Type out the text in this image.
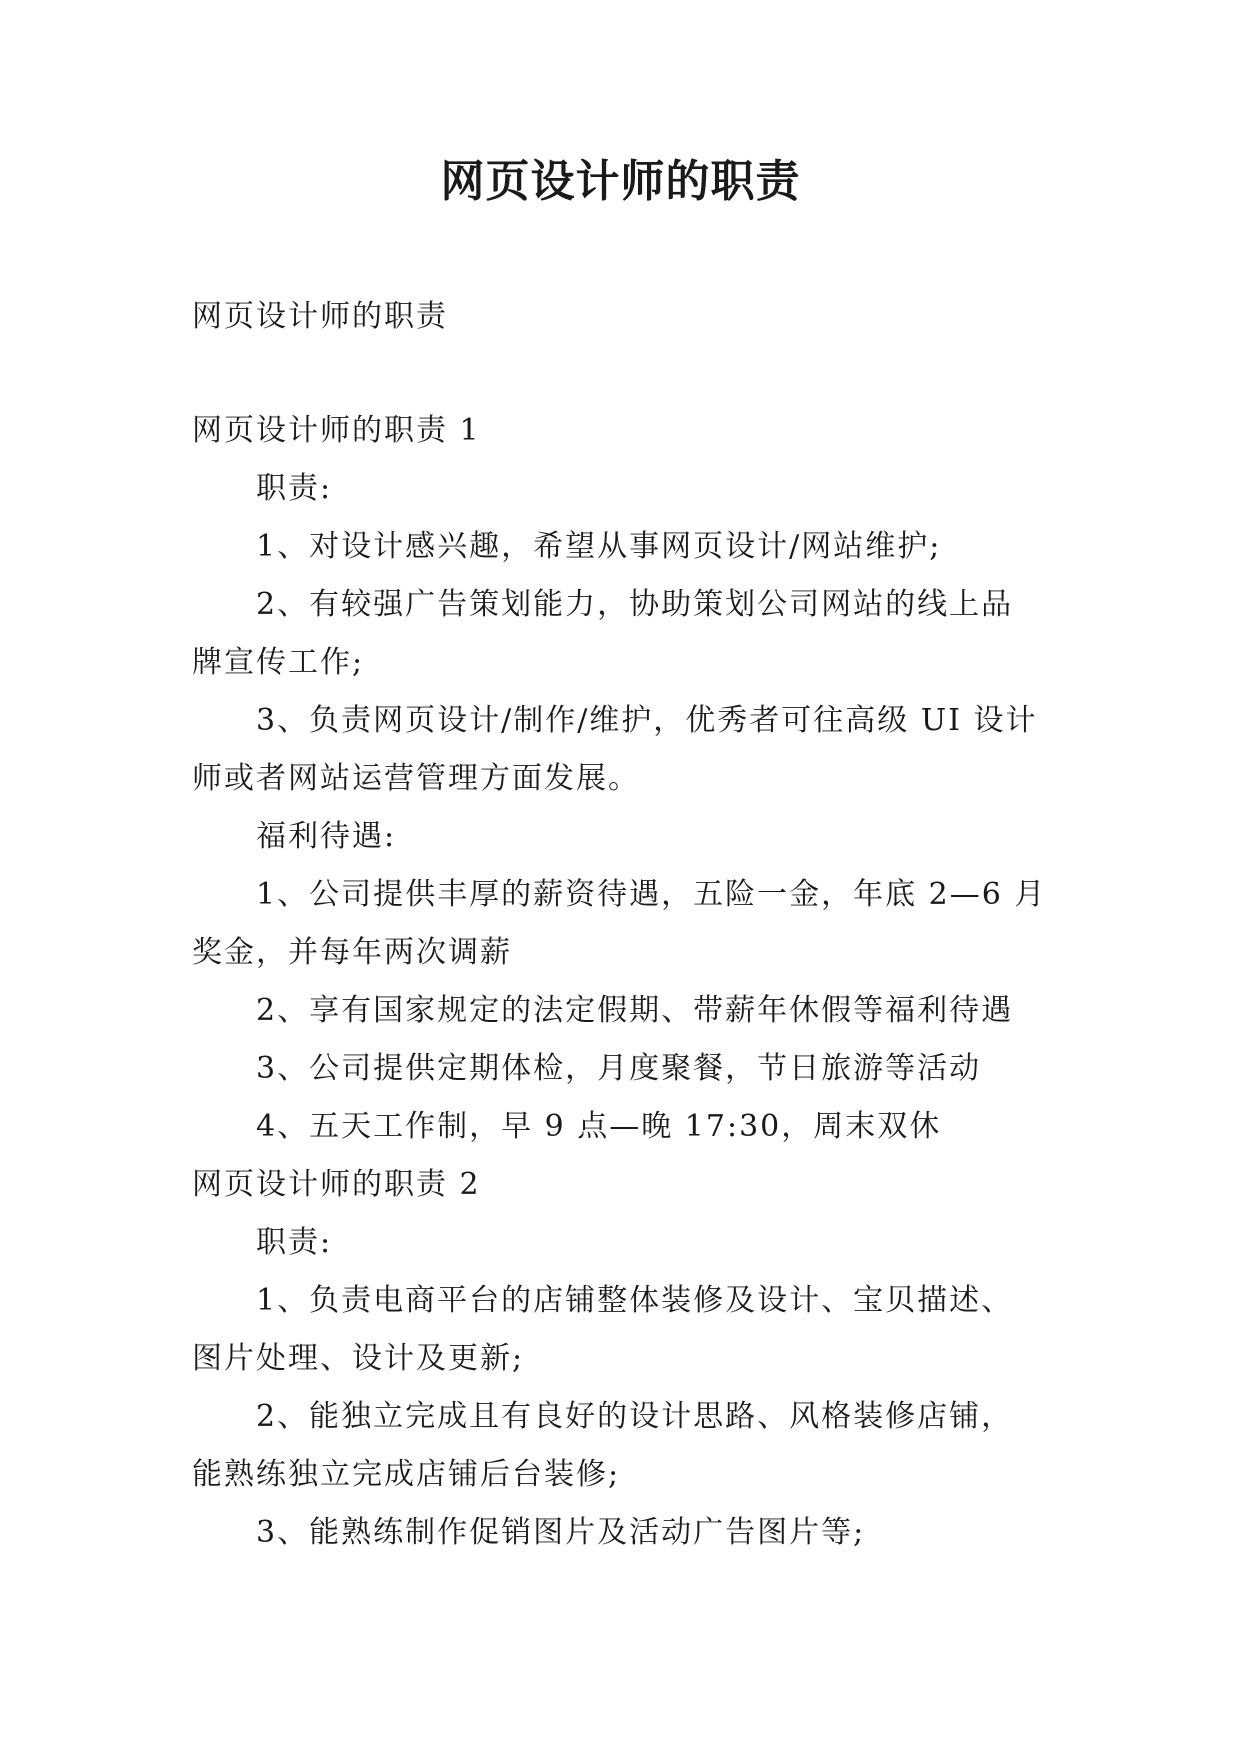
网页设计师的职责
网页设计师的职责
网页设计师的职责 1
职责:
1、对设计感兴趣，希望从事网页设计/网站维护;
2、有较强广告策划能力，协助策划公司网站的线上品
牌宣传工作;
3、负责网页设计/制作/维护，优秀者可往高级 UI 设计
师或者网站运营管理方面发展。
福利待遇:
1、公司提供丰厚的薪资待遇，五险一金，年底 2—6 月
奖金，并每年两次调薪
2、享有国家规定的法定假期、带薪年休假等福利待遇
3、公司提供定期体检，月度聚餐，节日旅游等活动
4、五天工作制，早 9 点—晚 17:30，周末双休
网页设计师的职责 2
职责:
1、负责电商平台的店铺整体装修及设计、宝贝描述、
图片处理、设计及更新;
2、能独立完成且有良好的设计思路、风格装修店铺，
能熟练独立完成店铺后台装修;
3、能熟练制作促销图片及活动广告图片等;
